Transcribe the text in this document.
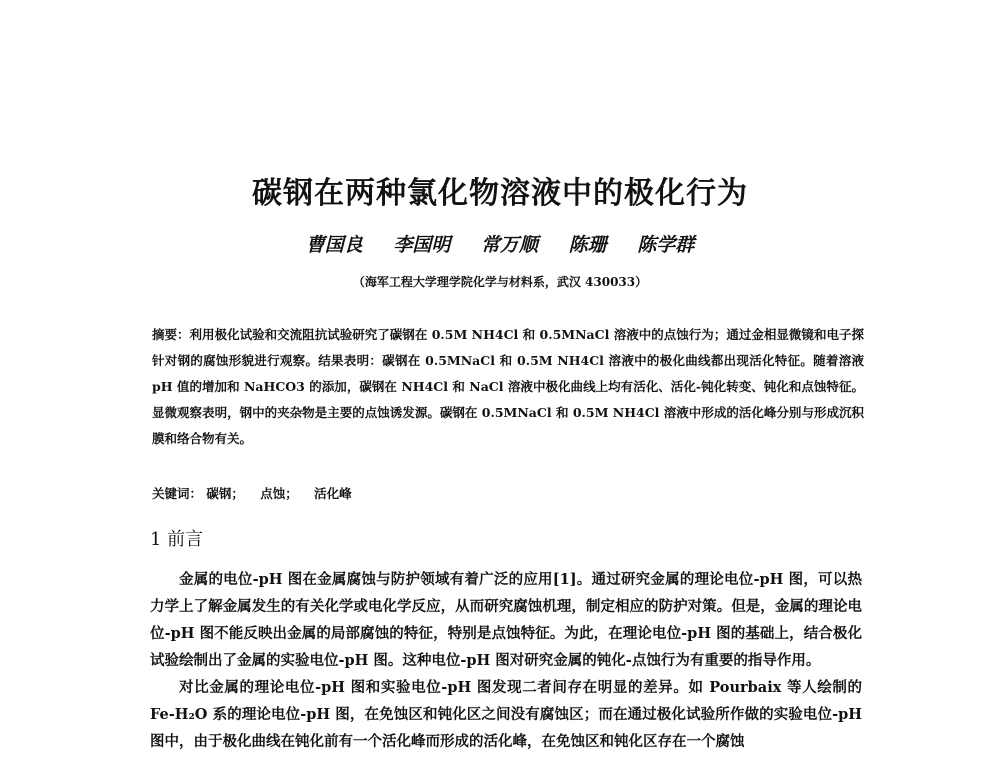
碳钢在两种氯化物溶液中的极化行为
曹国良 李国明 常万顺 陈珊 陈学群
（海军工程大学理学院化学与材料系，武汉 430033）
摘要：利用极化试验和交流阻抗试验研究了碳钢在 0.5M NH4Cl 和 0.5MNaCl 溶液中的点蚀行为；通过金相显微镜和电子探针对钢的腐蚀形貌进行观察。结果表明：碳钢在 0.5MNaCl 和 0.5M NH4Cl 溶液中的极化曲线都出现活化特征。随着溶液 pH 值的增加和 NaHCO3 的添加，碳钢在 NH4Cl 和 NaCl 溶液中极化曲线上均有活化、活化-钝化转变、钝化和点蚀特征。显微观察表明，钢中的夹杂物是主要的点蚀诱发源。碳钢在 0.5MNaCl 和 0.5M NH4Cl 溶液中形成的活化峰分别与形成沉积膜和络合物有关。
关键词： 碳钢； 点蚀； 活化峰
1 前言

金属的电位-pH 图在金属腐蚀与防护领域有着广泛的应用[1]。通过研究金属的理论电位-pH 图，可以热力学上了解金属发生的有关化学或电化学反应，从而研究腐蚀机理，制定相应的防护对策。但是，金属的理论电位-pH 图不能反映出金属的局部腐蚀的特征，特别是点蚀特征。为此，在理论电位-pH 图的基础上，结合极化试验绘制出了金属的实验电位-pH 图。这种电位-pH 图对研究金属的钝化-点蚀行为有重要的指导作用。

对比金属的理论电位-pH 图和实验电位-pH 图发现二者间存在明显的差异。如 Pourbaix 等人绘制的 Fe-H₂O 系的理论电位-pH 图，在免蚀区和钝化区之间没有腐蚀区；而在通过极化试验所作做的实验电位-pH 图中，由于极化曲线在钝化前有一个活化峰而形成的活化峰，在免蚀区和钝化区存在一个腐蚀
